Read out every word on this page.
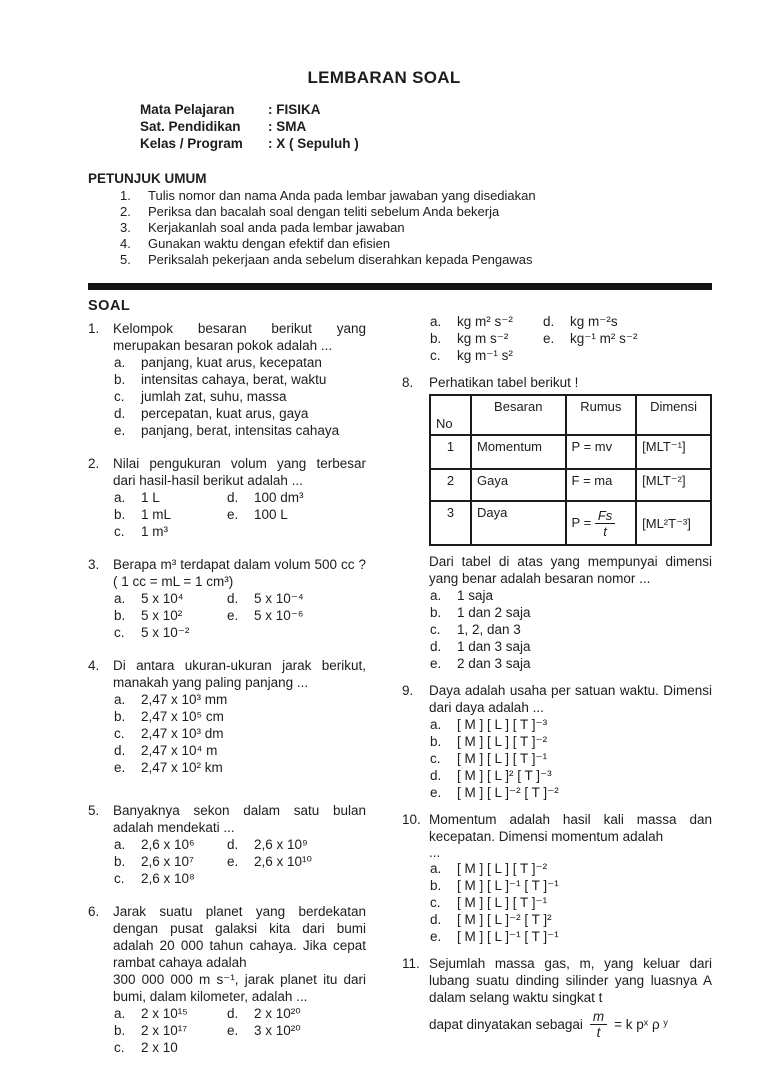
LEMBARAN SOAL
Mata Pelajaran	: FISIKA
Sat. Pendidikan	: SMA
Kelas / Program	: X ( Sepuluh )
PETUNJUK UMUM
1.	Tulis nomor dan nama Anda pada lembar jawaban yang disediakan
2.	Periksa dan bacalah soal dengan teliti sebelum Anda bekerja
3.	Kerjakanlah soal anda pada lembar jawaban
4.	Gunakan waktu dengan efektif dan efisien
5.	Periksalah pekerjaan anda sebelum diserahkan kepada Pengawas
SOAL
1. Kelompok besaran berikut yang merupakan besaran pokok adalah ...

a.	panjang, kuat arus, kecepatan
b.	intensitas cahaya, berat, waktu
c.	jumlah zat, suhu, massa
d.	percepatan, kuat arus, gaya
e.	panjang, berat, intensitas cahaya
2. Nilai pengukuran volum yang terbesar dari hasil-hasil berikut adalah ...

a.	1 L	d.	100 dm³
b.	1 mL	e.	100 L
c.	1 m³
3. Berapa m³ terdapat dalam volum 500 cc ? ( 1 cc = mL = 1 cm³)

a.	5 x 10⁴	d.	5 x 10⁻⁴
b.	5 x 10²	e.	5 x 10⁻⁶
c.	5 x 10⁻²
4. Di antara ukuran-ukuran jarak berikut, manakah yang paling panjang ...

a.	2,47 x 10³ mm
b.	2,47 x 10⁵ cm
c.	2,47 x 10³ dm
d.	2,47 x 10⁴ m
e.	2,47 x 10² km
5. Banyaknya sekon dalam satu bulan adalah mendekati ...

a.	2,6 x 10⁶	d.	2,6 x 10⁹
b.	2,6 x 10⁷	e.	2,6 x 10¹⁰
c.	2,6 x 10⁸
6. Jarak suatu planet yang berdekatan dengan pusat galaksi kita dari bumi adalah 20 000 tahun cahaya. Jika cepat rambat cahaya adalah

300 000 000 m s⁻¹, jarak planet itu dari bumi, dalam kilometer, adalah ...

a.	2 x 10¹⁵	d.	2 x 10²⁰
b.	2 x 10¹⁷	e.	3 x 10²⁰
c.	2 x 10
a.	kg m² s⁻²	d.	kg m⁻²s
b.	kg m s⁻²	e.	kg⁻¹ m² s⁻²
c.	kg m⁻¹ s²
8. Perhatikan tabel berikut !

No	Besaran	Rumus	Dimensi
1	Momentum	P = mv	[MLT⁻¹]
2	Gaya	F = ma	[MLT⁻²]
3	Daya	$P = \frac{Fs}{t}$	[ML²T⁻³]

Dari tabel di atas yang mempunyai dimensi yang benar adalah besaran nomor ...

a.	1 saja
b.	1 dan 2 saja
c.	1, 2, dan 3
d.	1 dan 3 saja
e.	2 dan 3 saja
9. Daya adalah usaha per satuan waktu. Dimensi dari daya adalah ...

a.	[ M ] [ L ] [ T ]⁻³
b.	[ M ] [ L ] [ T ]⁻²
c.	[ M ] [ L ] [ T ]⁻¹
d.	[ M ] [ L ]² [ T ]⁻³
e.	[ M ] [ L ]⁻² [ T ]⁻²
10. Momentum adalah hasil kali massa dan kecepatan. Dimensi momentum adalah

...

a.	[ M ] [ L ] [ T ]⁻²
b.	[ M ] [ L ]⁻¹ [ T ]⁻¹
c.	[ M ] [ L ] [ T ]⁻¹
d.	[ M ] [ L ]⁻² [ T ]²
e.	[ M ] [ L ]⁻¹ [ T ]⁻¹
11. Sejumlah massa gas, m, yang keluar dari lubang suatu dinding silinder yang luasnya A dalam selang waktu singkat t

dapat dinyatakan sebagai $\frac{m}{t} = k$ pˣ ρ ʸ
